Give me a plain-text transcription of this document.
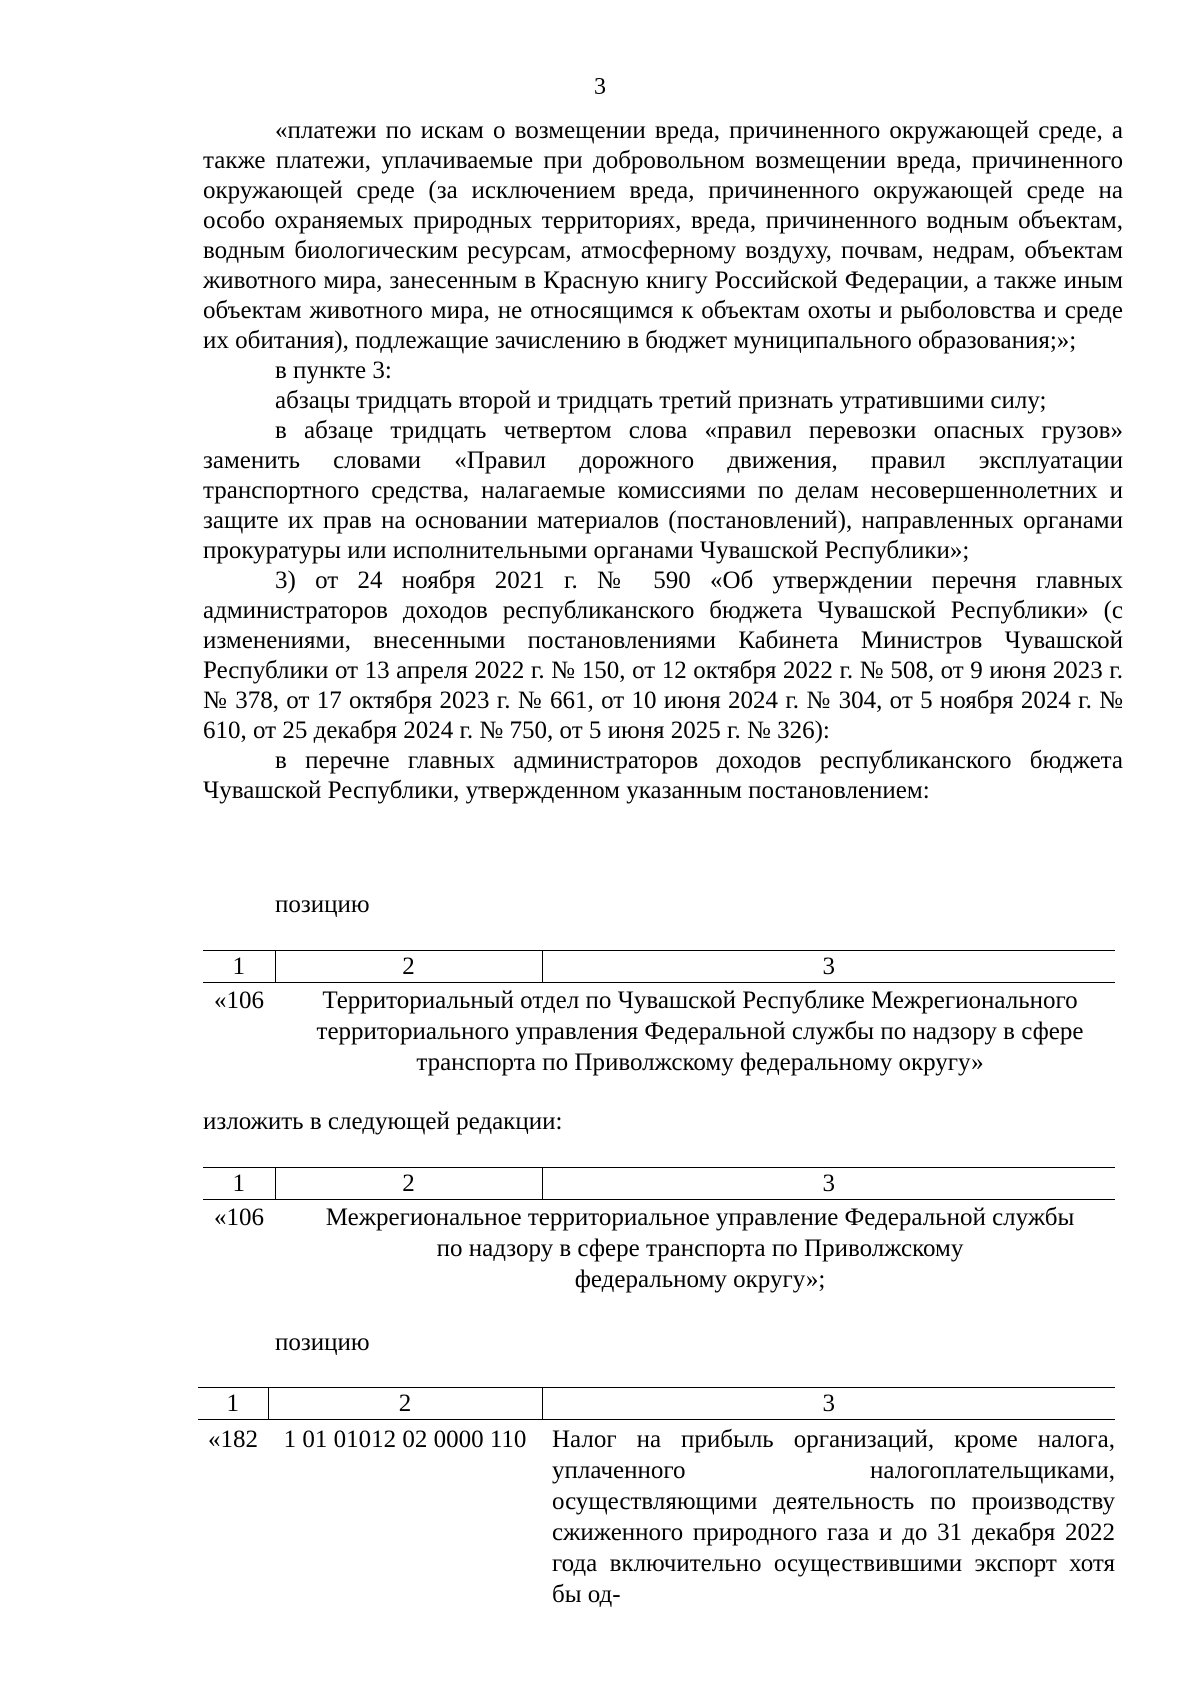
3

«платежи по искам о возмещении вреда, причиненного окружающей среде, а также платежи, уплачиваемые при добровольном возмещении вреда, причиненного окружающей среде (за исключением вреда, причиненного окружающей среде на особо охраняемых природных территориях, вреда, причиненного водным объектам, водным биологическим ресурсам, атмосферному воздуху, почвам, недрам, объектам животного мира, занесенным в Красную книгу Российской Федерации, а также иным объектам животного мира, не относящимся к объектам охоты и рыболовства и среде их обитания), подлежащие зачислению в бюджет муниципального образования;»;

в пункте 3:

абзацы тридцать второй и тридцать третий признать утратившими силу;

в абзаце тридцать четвертом слова «правил перевозки опасных грузов» заменить словами «Правил дорожного движения, правил эксплуатации транспортного средства, налагаемые комиссиями по делам несовершеннолетних и защите их прав на основании материалов (постановлений), направленных органами прокуратуры или исполнительными органами Чувашской Республики»;

3) от 24 ноября 2021 г. № 590 «Об утверждении перечня главных администраторов доходов республиканского бюджета Чувашской Республики» (с изменениями, внесенными постановлениями Кабинета Министров Чувашской Республики от 13 апреля 2022 г. № 150, от 12 октября 2022 г. № 508, от 9 июня 2023 г. № 378, от 17 октября 2023 г. № 661, от 10 июня 2024 г. № 304, от 5 ноября 2024 г. № 610, от 25 декабря 2024 г. № 750, от 5 июня 2025 г. № 326):

в перечне главных администраторов доходов республиканского бюджета Чувашской Республики, утвержденном указанным постановлением:

позицию
1	2	3
«106	Территориальный отдел по Чувашской Республике Межрегионального территориального управления Федеральной службы по надзору в сфере транспорта по Приволжскому федеральному округу»	
изложить в следующей редакции:
1	2	3
«106	Межрегиональное территориальное управление Федеральной службы
по надзору в сфере транспорта по Приволжскому
федеральному округу»;	
позицию
1	2	3
«182	1 01 01012 02 0000 110	Налог на прибыль организаций, кроме налога, уплаченного налогоплательщиками, осуществляющими деятельность по производству сжиженного природного газа и до 31 декабря 2022 года включительно осуществившими экспорт хотя бы од-
